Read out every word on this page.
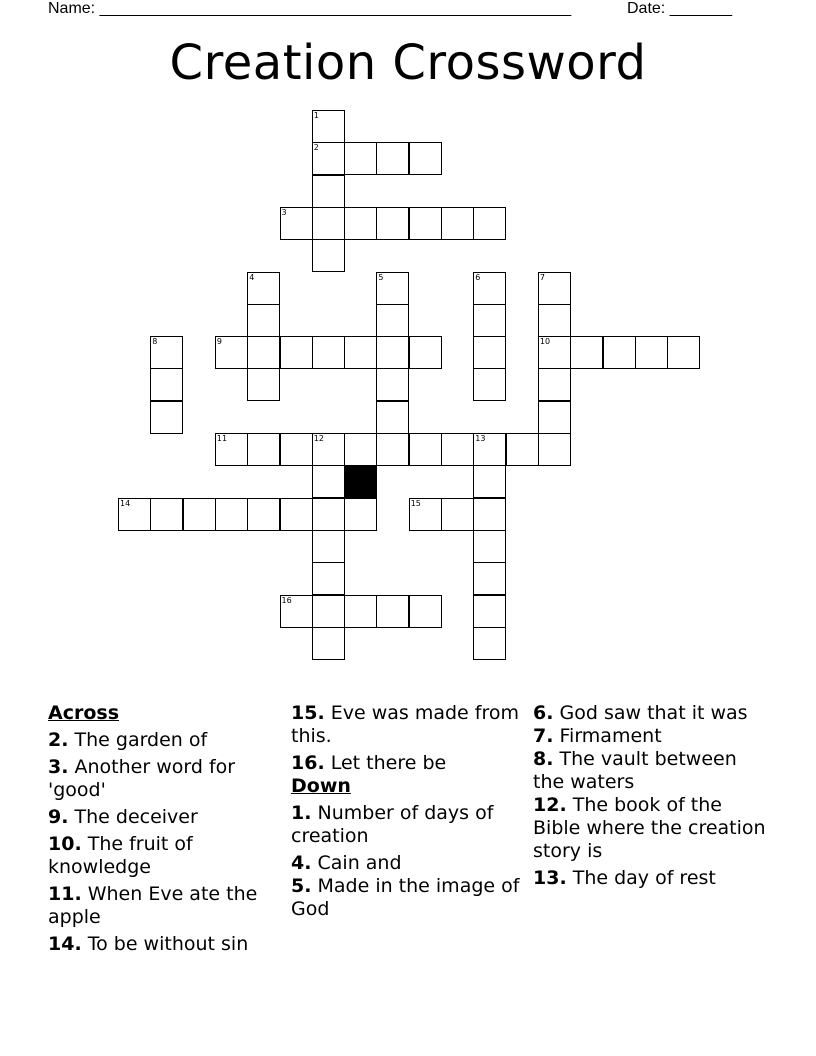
Name: _____________________________________________________	Date: _______
Creation Crossword
1
2
3
4	5	6	7
10
8	9
11	12	13
14	15
16
Across
2. The garden of
3. Another word for 'good'
9. The deceiver
10. The fruit of knowledge
11. When Eve ate the apple
14. To be without sin
15. Eve was made from this.
16. Let there be
Down
1. Number of days of creation
4. Cain and
5. Made in the image of God
6. God saw that it was
7. Firmament
8. The vault between the waters
12. The book of the Bible where the creation story is
13. The day of rest
